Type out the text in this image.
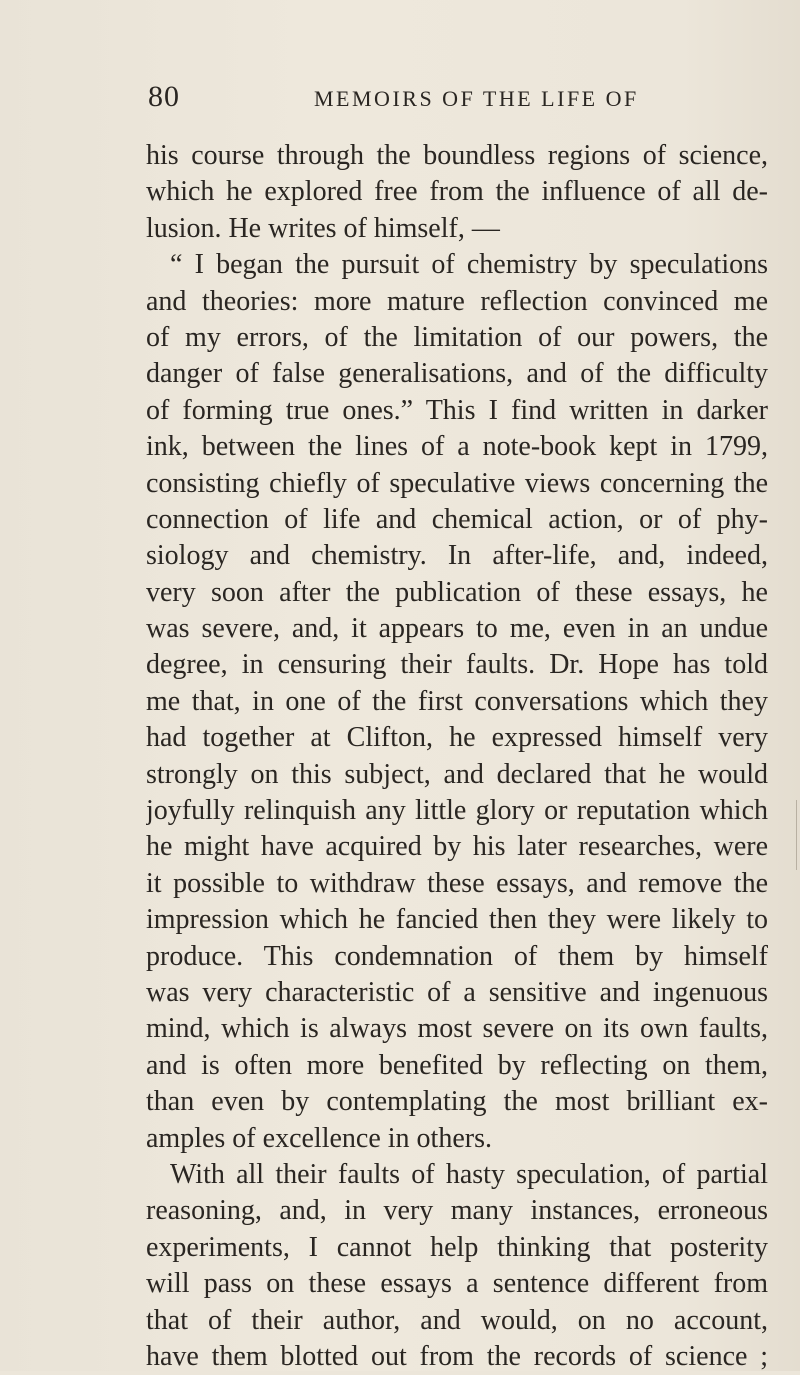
80	MEMOIRS OF THE LIFE OF
his course through the boundless regions of science,
which he explored free from the influence of all de-
lusion. He writes of himself, —
“ I began the pursuit of chemistry by speculations
and theories: more mature reflection convinced me
of my errors, of the limitation of our powers, the
danger of false generalisations, and of the difficulty
of forming true ones.” This I find written in darker
ink, between the lines of a note-book kept in 1799,
consisting chiefly of speculative views concerning the
connection of life and chemical action, or of phy-
siology and chemistry. In after-life, and, indeed,
very soon after the publication of these essays, he
was severe, and, it appears to me, even in an undue
degree, in censuring their faults. Dr. Hope has told
me that, in one of the first conversations which they
had together at Clifton, he expressed himself very
strongly on this subject, and declared that he would
joyfully relinquish any little glory or reputation which
he might have acquired by his later researches, were
it possible to withdraw these essays, and remove the
impression which he fancied then they were likely to
produce. This condemnation of them by himself
was very characteristic of a sensitive and ingenuous
mind, which is always most severe on its own faults,
and is often more benefited by reflecting on them,
than even by contemplating the most brilliant ex-
amples of excellence in others.
With all their faults of hasty speculation, of partial
reasoning, and, in very many instances, erroneous
experiments, I cannot help thinking that posterity
will pass on these essays a sentence different from
that of their author, and would, on no account,
have them blotted out from the records of science ;
